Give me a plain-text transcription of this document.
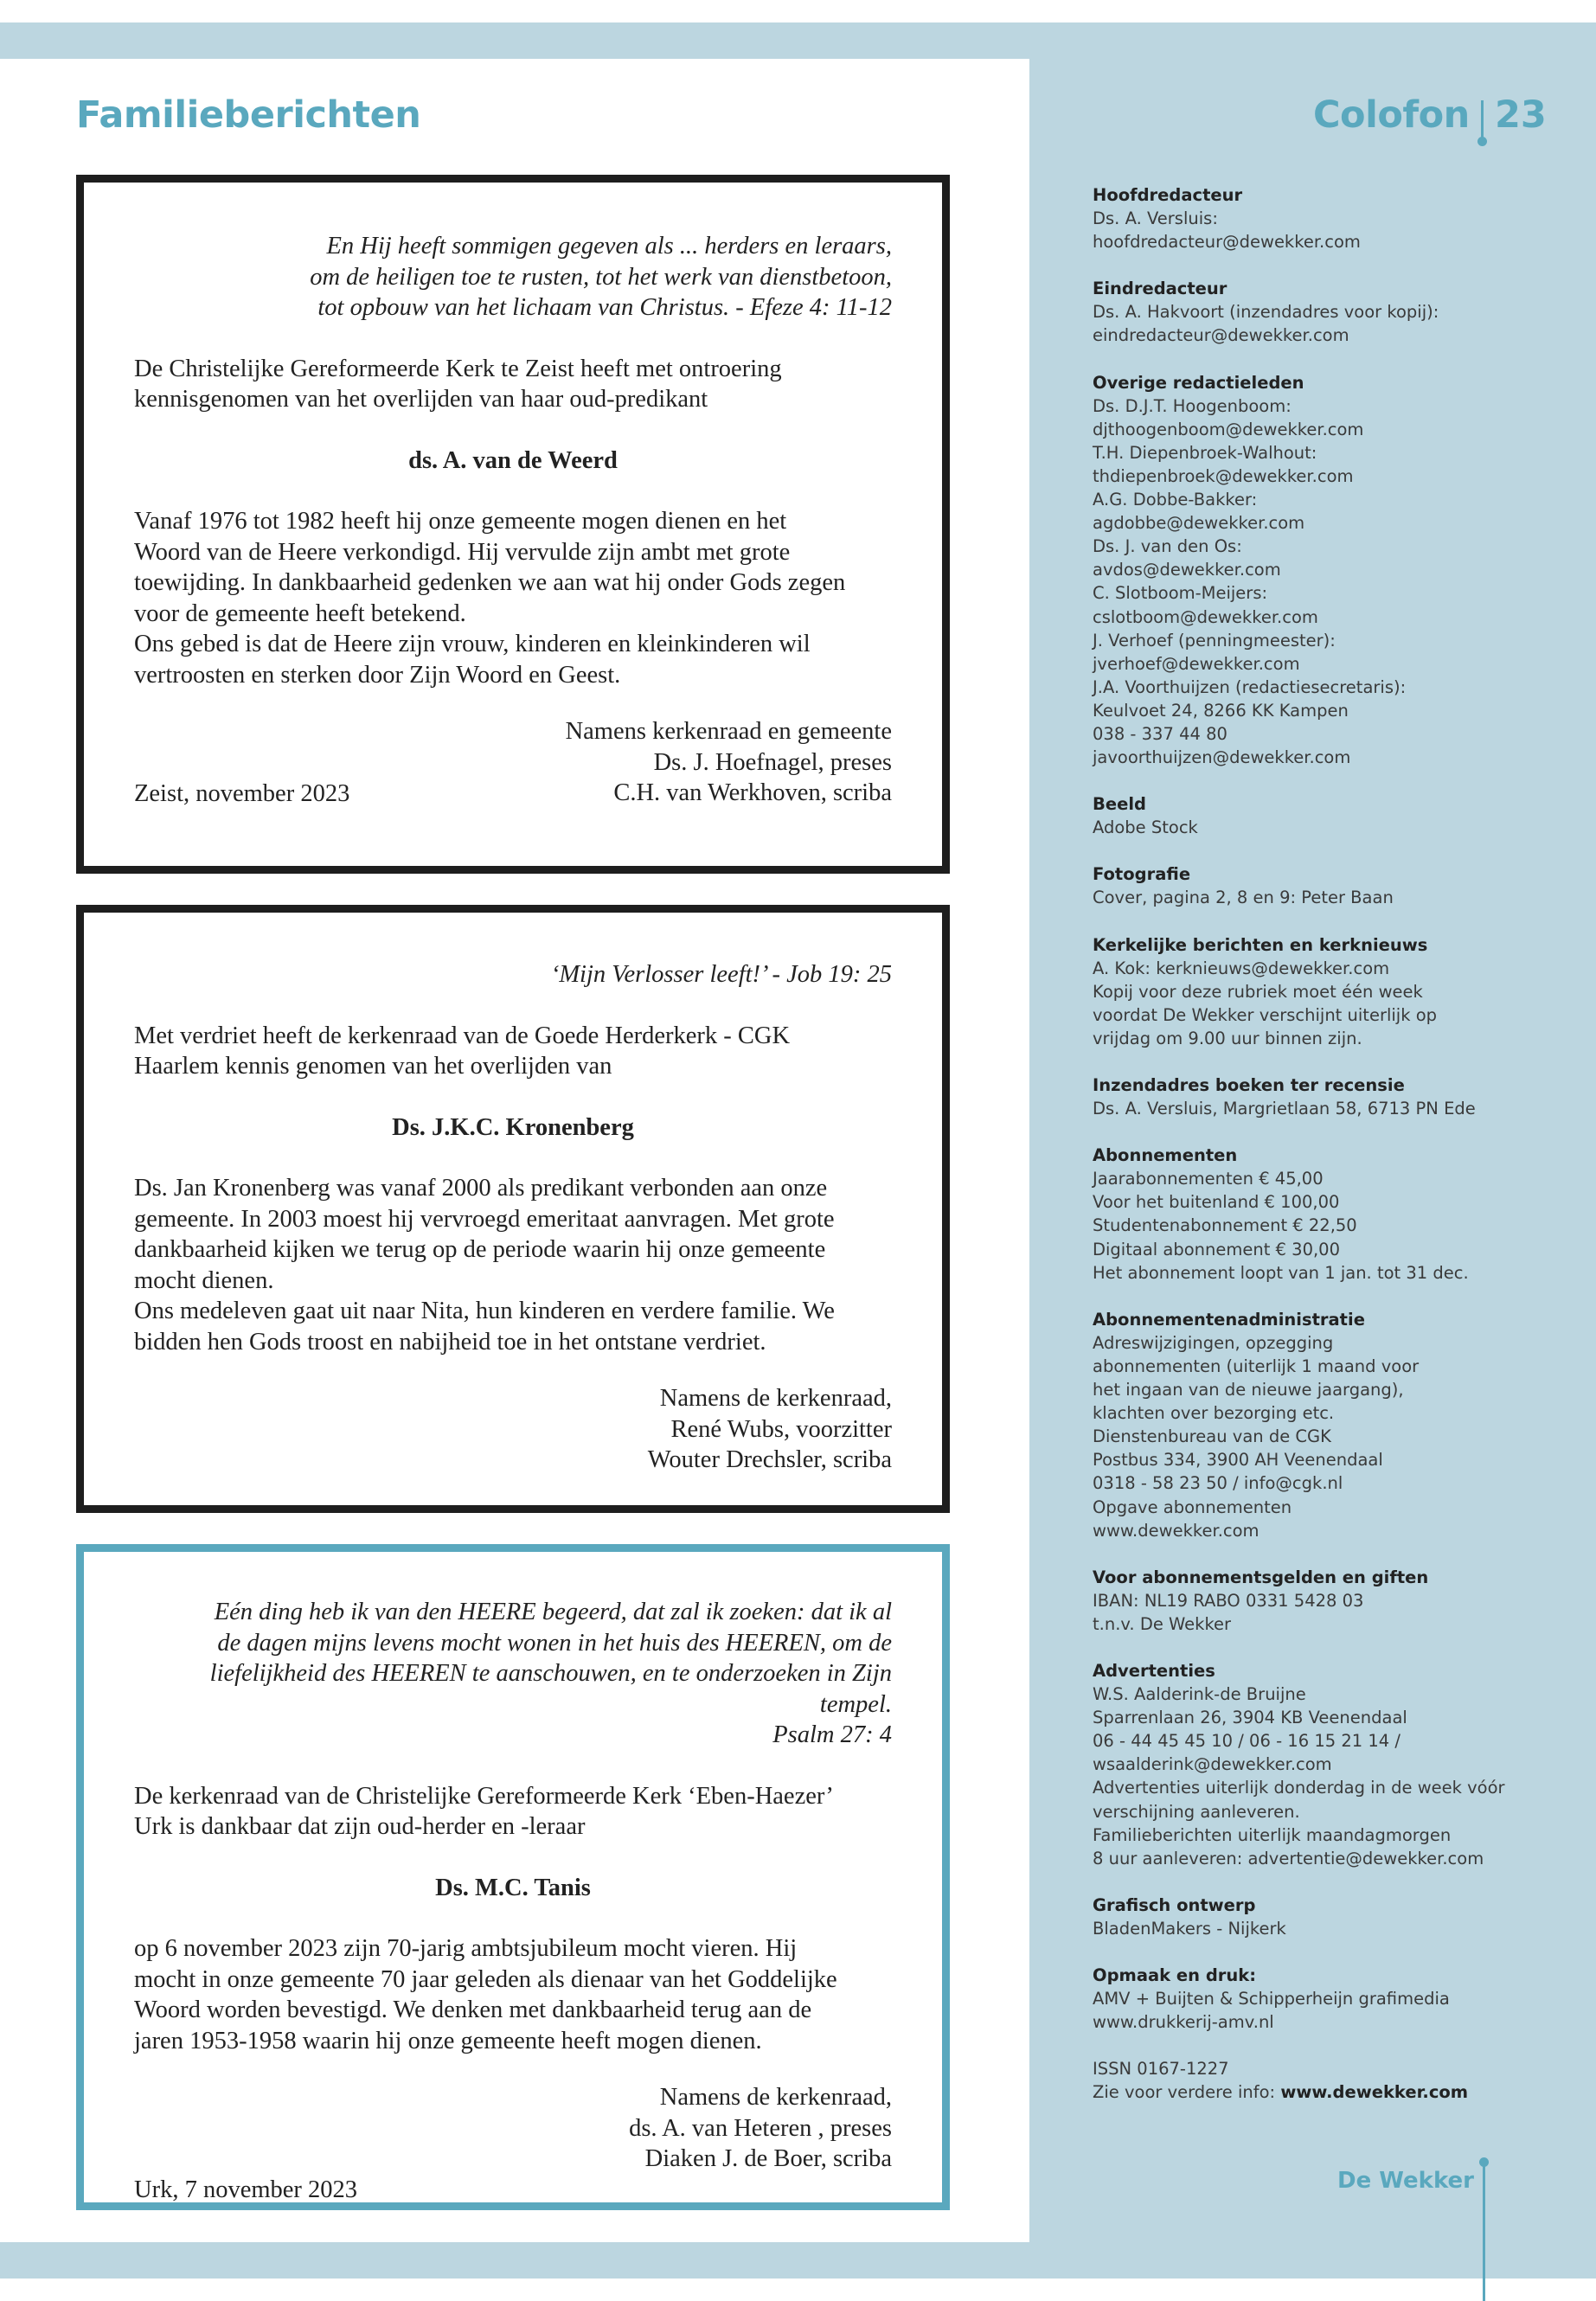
Familieberichten

En Hij heeft sommigen gegeven als ... herders en leraars,

om de heiligen toe te rusten, tot het werk van dienstbetoon,

tot opbouw van het lichaam van Christus. - Efeze 4: 11-12

De Christelijke Gereformeerde Kerk te Zeist heeft met ontroering

kennisgenomen van het overlijden van haar oud-predikant

ds. A. van de Weerd

Vanaf 1976 tot 1982 heeft hij onze gemeente mogen dienen en het

Woord van de Heere verkondigd. Hij vervulde zijn ambt met grote

toewijding. In dankbaarheid gedenken we aan wat hij onder Gods zegen

voor de gemeente heeft betekend.

Ons gebed is dat de Heere zijn vrouw, kinderen en kleinkinderen wil

vertroosten en sterken door Zijn Woord en Geest.

Namens kerkenraad en gemeente

Ds. J. Hoefnagel, preses

C.H. van Werkhoven, scriba

Zeist, november 2023

‘Mijn Verlosser leeft!’ - Job 19: 25

Met verdriet heeft de kerkenraad van de Goede Herderkerk - CGK

Haarlem kennis genomen van het overlijden van

Ds. J.K.C. Kronenberg

Ds. Jan Kronenberg was vanaf 2000 als predikant verbonden aan onze

gemeente. In 2003 moest hij vervroegd emeritaat aanvragen. Met grote

dankbaarheid kijken we terug op de periode waarin hij onze gemeente

mocht dienen.

Ons medeleven gaat uit naar Nita, hun kinderen en verdere familie. We

bidden hen Gods troost en nabijheid toe in het ontstane verdriet.

Namens de kerkenraad,

René Wubs, voorzitter

Wouter Drechsler, scriba

Eén ding heb ik van den HEERE begeerd, dat zal ik zoeken: dat ik al

de dagen mijns levens mocht wonen in het huis des HEEREN, om de

liefelijkheid des HEEREN te aanschouwen, en te onderzoeken in Zijn tempel.

Psalm 27: 4

De kerkenraad van de Christelijke Gereformeerde Kerk ‘Eben-Haezer’

Urk is dankbaar dat zijn oud-herder en -leraar

Ds. M.C. Tanis

op 6 november 2023 zijn 70-jarig ambtsjubileum mocht vieren. Hij

mocht in onze gemeente 70 jaar geleden als dienaar van het Goddelijke

Woord worden bevestigd. We denken met dankbaarheid terug aan de

jaren 1953-1958 waarin hij onze gemeente heeft mogen dienen.

Namens de kerkenraad,

ds. A. van Heteren , preses

Diaken J. de Boer, scriba

Urk, 7 november 2023

Colofon 23
Hoofdredacteur
Ds. A. Versluis:
hoofdredacteur@dewekker.com
Eindredacteur
Ds. A. Hakvoort (inzendadres voor kopij):
eindredacteur@dewekker.com
Overige redactieleden
Ds. D.J.T. Hoogenboom:
djthoogenboom@dewekker.com
T.H. Diepenbroek-Walhout:
thdiepenbroek@dewekker.com
A.G. Dobbe-Bakker:
agdobbe@dewekker.com
Ds. J. van den Os:
avdos@dewekker.com
C. Slotboom-Meijers:
cslotboom@dewekker.com
J. Verhoef (penningmeester):
jverhoef@dewekker.com
J.A. Voorthuijzen (redactiesecretaris):
Keulvoet 24, 8266 KK Kampen
038 - 337 44 80
javoorthuijzen@dewekker.com
Beeld
Adobe Stock
Fotografie
Cover, pagina 2, 8 en 9: Peter Baan
Kerkelijke berichten en kerknieuws
A. Kok: kerknieuws@dewekker.com
Kopij voor deze rubriek moet één week
voordat De Wekker verschijnt uiterlijk op
vrijdag om 9.00 uur binnen zijn.
Inzendadres boeken ter recensie
Ds. A. Versluis, Margrietlaan 58, 6713 PN Ede
Abonnementen
Jaarabonnementen € 45,00
Voor het buitenland € 100,00
Studentenabonnement € 22,50
Digitaal abonnement € 30,00
Het abonnement loopt van 1 jan. tot 31 dec.
Abonnementenadministratie
Adreswijzigingen, opzegging
abonnementen (uiterlijk 1 maand voor
het ingaan van de nieuwe jaargang),
klachten over bezorging etc.
Dienstenbureau van de CGK
Postbus 334, 3900 AH Veenendaal
0318 - 58 23 50 / info@cgk.nl
Opgave abonnementen
www.dewekker.com
Voor abonnementsgelden en giften
IBAN: NL19 RABO 0331 5428 03
t.n.v. De Wekker
Advertenties
W.S. Aalderink-de Bruijne
Sparrenlaan 26, 3904 KB Veenendaal
06 - 44 45 45 10 / 06 - 16 15 21 14 /
wsaalderink@dewekker.com
Advertenties uiterlijk donderdag in de week vóór
verschijning aanleveren.
Familieberichten uiterlijk maandagmorgen
8 uur aanleveren: advertentie@dewekker.com
Grafisch ontwerp
BladenMakers - Nijkerk
Opmaak en druk:
AMV + Buijten & Schipperheijn grafimedia
www.drukkerij-amv.nl
ISSN 0167-1227
Zie voor verdere info: www.dewekker.com
De Wekker
